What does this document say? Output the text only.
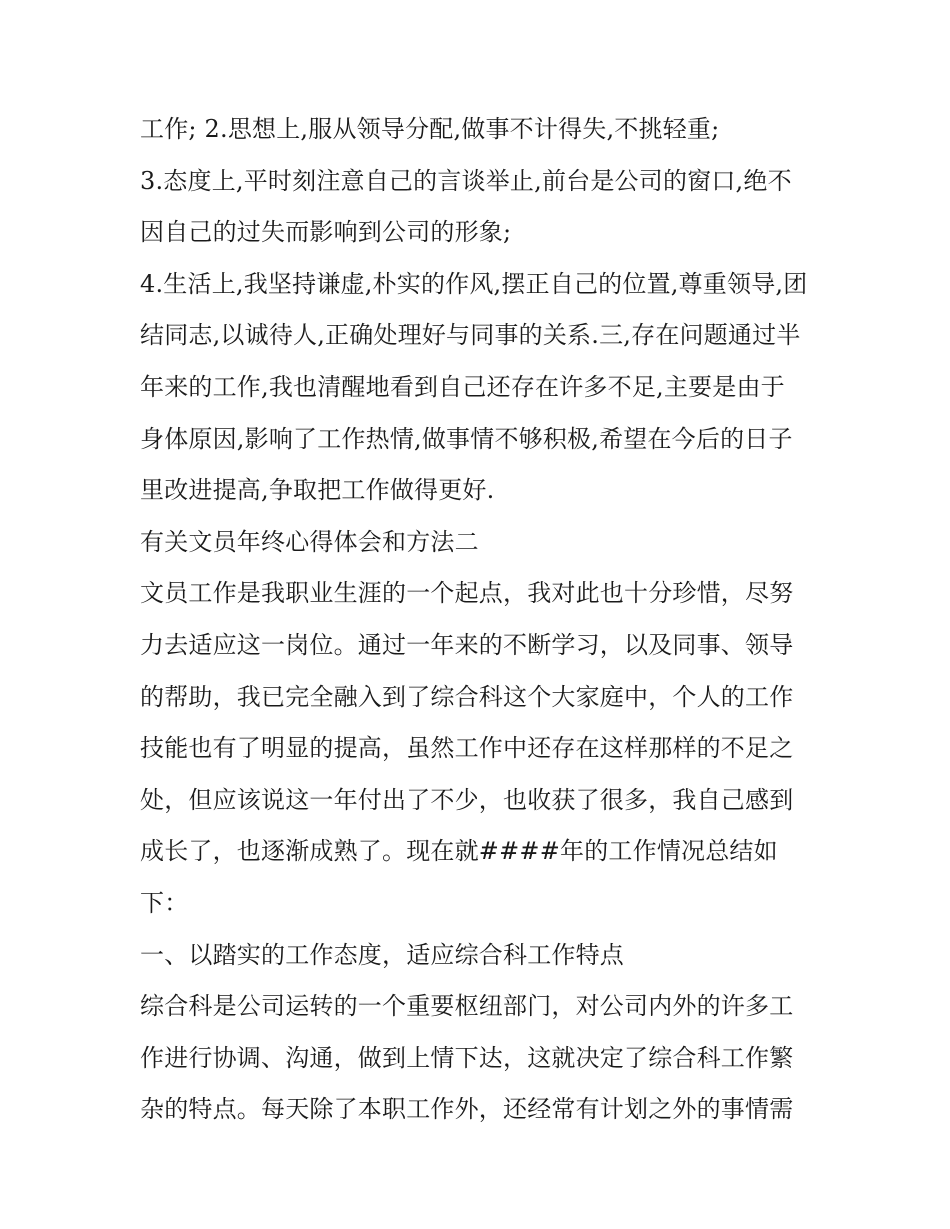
工作; 2.思想上,服从领导分配,做事不计得失,不挑轻重;
3.态度上,平时刻注意自己的言谈举止,前台是公司的窗口,绝不
因自己的过失而影响到公司的形象;
4.生活上,我坚持谦虚,朴实的作风,摆正自己的位置,尊重领导,团
结同志,以诚待人,正确处理好与同事的关系.三,存在问题通过半
年来的工作,我也清醒地看到自己还存在许多不足,主要是由于
身体原因,影响了工作热情,做事情不够积极,希望在今后的日子
里改进提高,争取把工作做得更好.
有关文员年终心得体会和方法二
文员工作是我职业生涯的一个起点，我对此也十分珍惜，尽努
力去适应这一岗位。通过一年来的不断学习，以及同事、领导
的帮助，我已完全融入到了综合科这个大家庭中，个人的工作
技能也有了明显的提高，虽然工作中还存在这样那样的不足之
处，但应该说这一年付出了不少，也收获了很多，我自己感到
成长了，也逐渐成熟了。现在就####年的工作情况总结如
下：
一、以踏实的工作态度，适应综合科工作特点
综合科是公司运转的一个重要枢纽部门，对公司内外的许多工
作进行协调、沟通，做到上情下达，这就决定了综合科工作繁
杂的特点。每天除了本职工作外，还经常有计划之外的事情需
